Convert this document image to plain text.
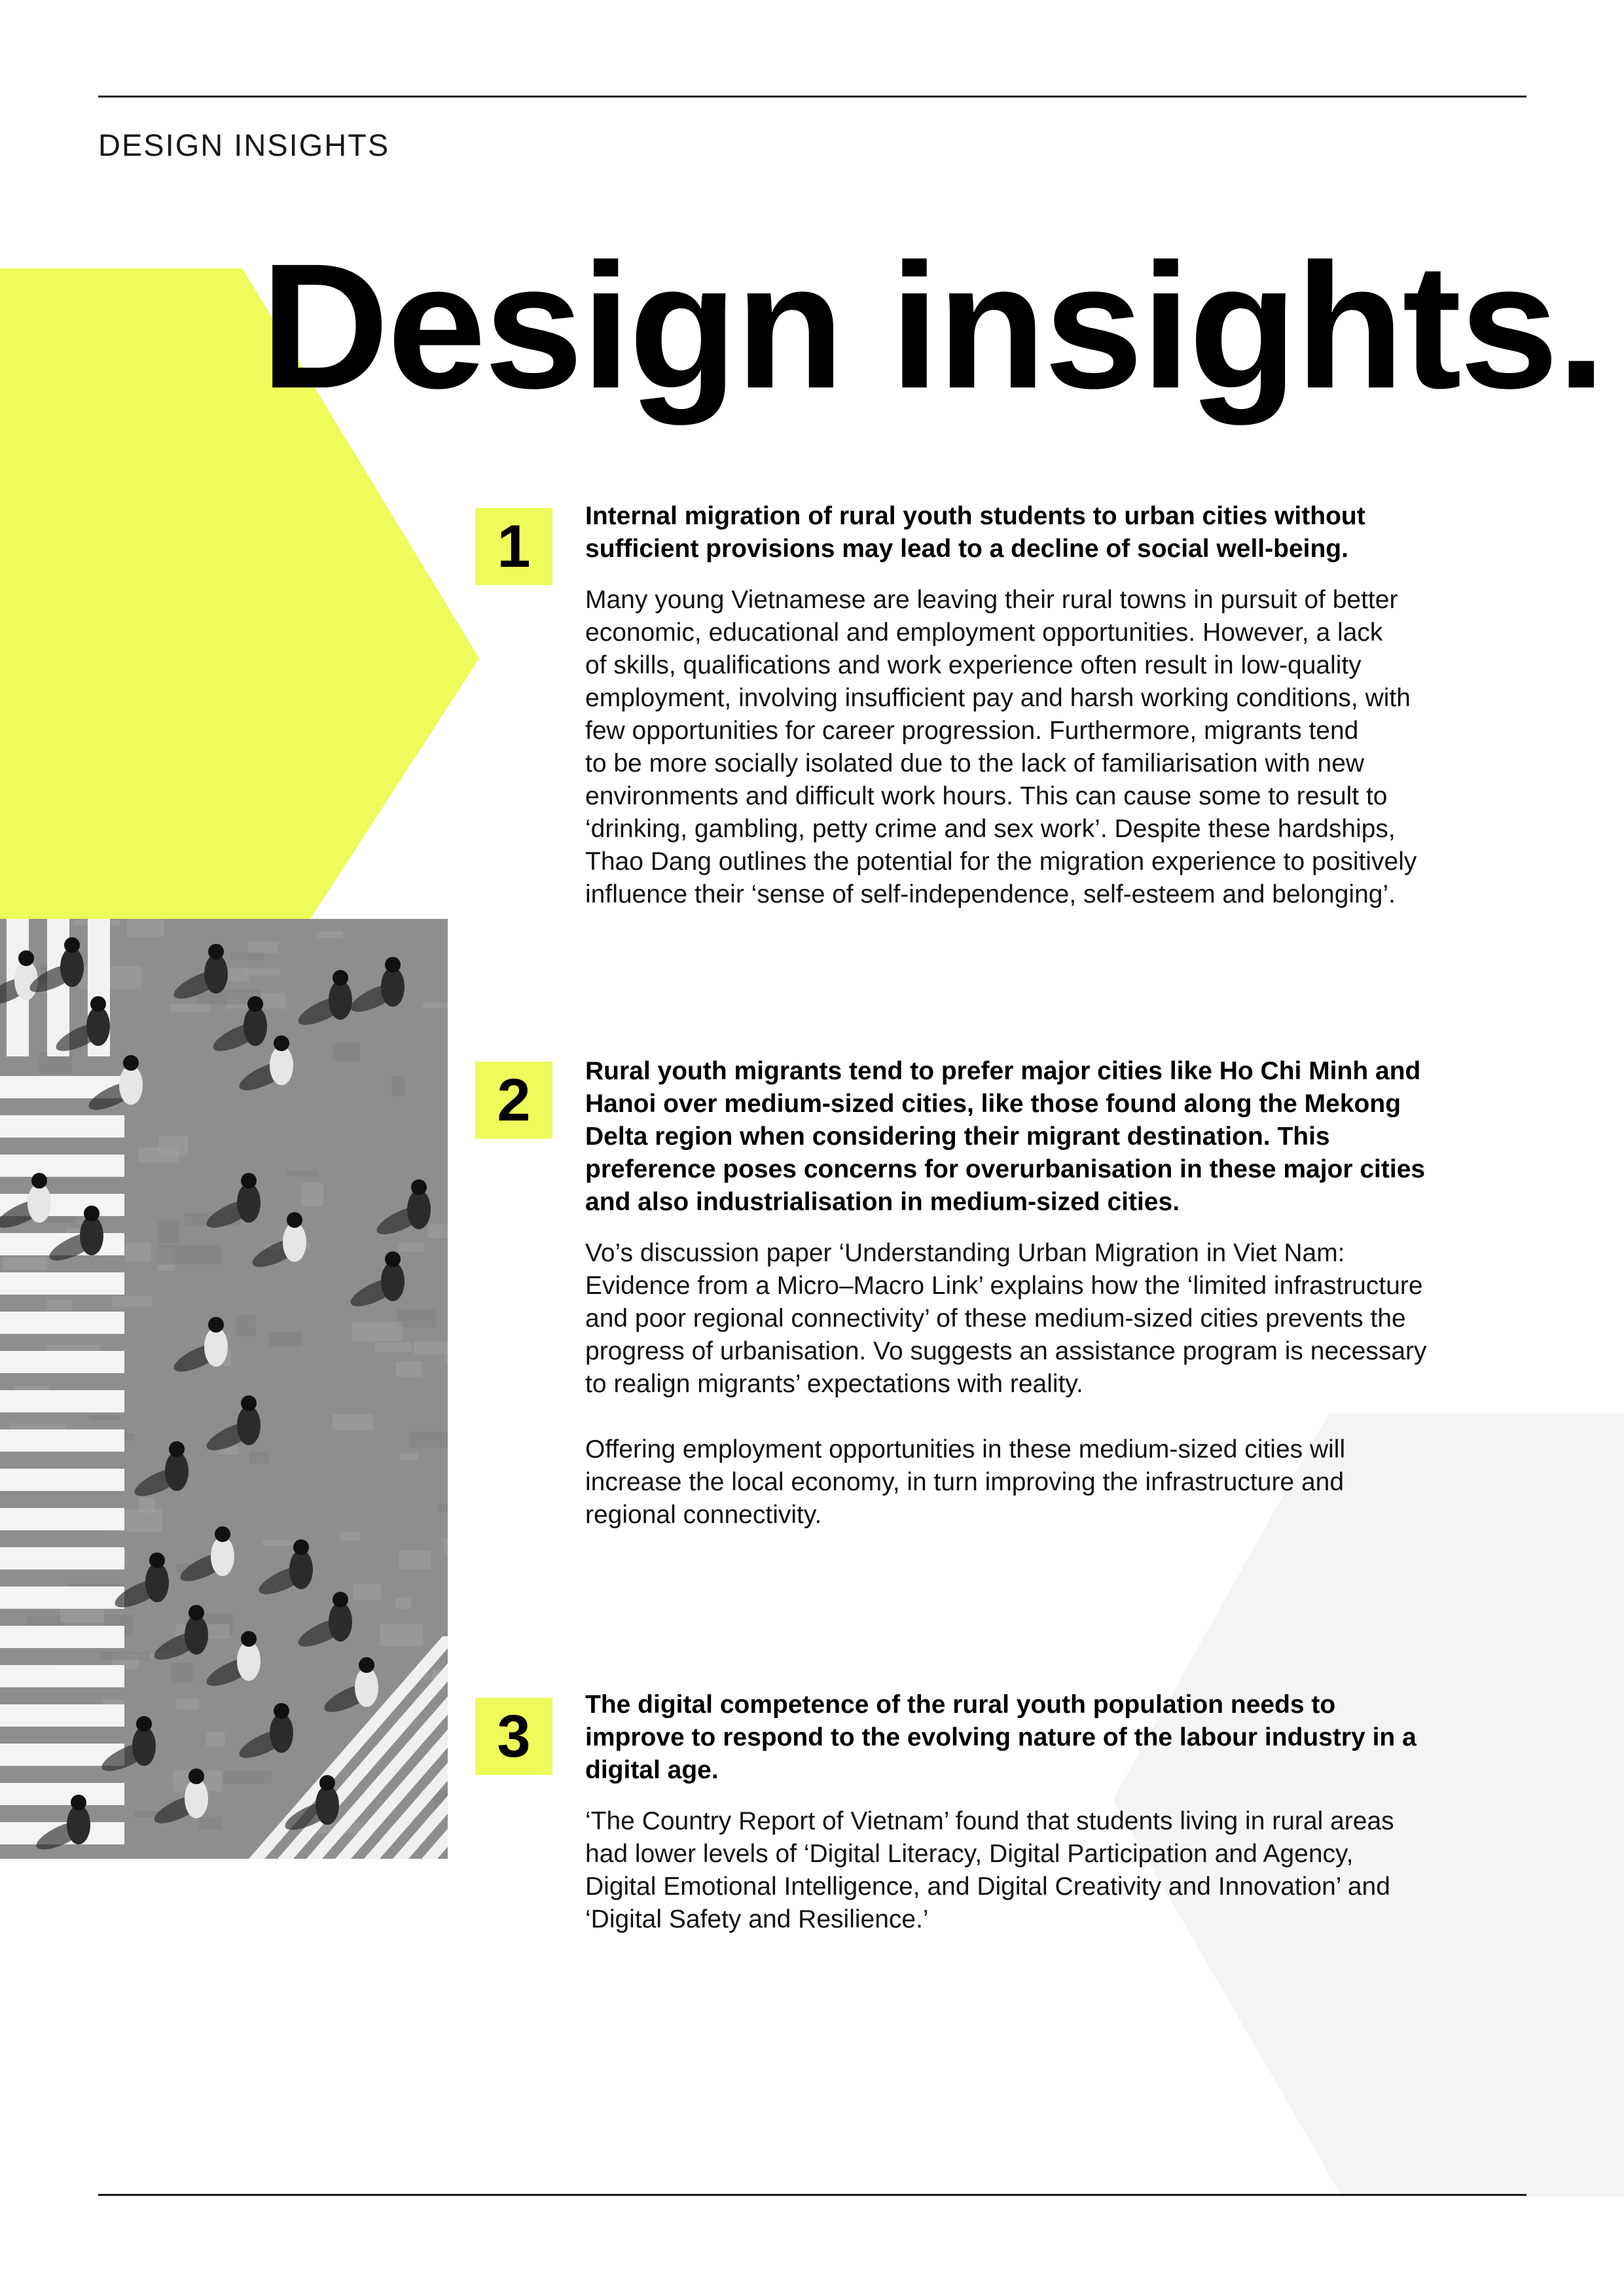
DESIGN INSIGHTS
Design insights.
1	Internal migration of rural youth students to urban cities without
sufficient provisions may lead to a decline of social well-being.

Many young Vietnamese are leaving their rural towns in pursuit of better
economic, educational and employment opportunities. However, a lack
of skills, qualifications and work experience often result in low-quality
employment, involving insufficient pay and harsh working conditions, with
few opportunities for career progression. Furthermore, migrants tend
to be more socially isolated due to the lack of familiarisation with new
environments and difficult work hours. This can cause some to result to
‘drinking, gambling, petty crime and sex work’. Despite these hardships,
Thao Dang outlines the potential for the migration experience to positively
influence their ‘sense of self-independence, self-esteem and belonging’.

2	Rural youth migrants tend to prefer major cities like Ho Chi Minh and
Hanoi over medium-sized cities, like those found along the Mekong
Delta region when considering their migrant destination. This
preference poses concerns for overurbanisation in these major cities
and also industrialisation in medium-sized cities.

Vo’s discussion paper ‘Understanding Urban Migration in Viet Nam:
Evidence from a Micro–Macro Link’ explains how the ‘limited infrastructure
and poor regional connectivity’ of these medium-sized cities prevents the
progress of urbanisation. Vo suggests an assistance program is necessary
to realign migrants’ expectations with reality.

Offering employment opportunities in these medium-sized cities will
increase the local economy, in turn improving the infrastructure and
regional connectivity.

3	The digital competence of the rural youth population needs to
improve to respond to the evolving nature of the labour industry in a
digital age.

‘The Country Report of Vietnam’ found that students living in rural areas
had lower levels of ‘Digital Literacy, Digital Participation and Agency,
Digital Emotional Intelligence, and Digital Creativity and Innovation’ and
‘Digital Safety and Resilience.’
